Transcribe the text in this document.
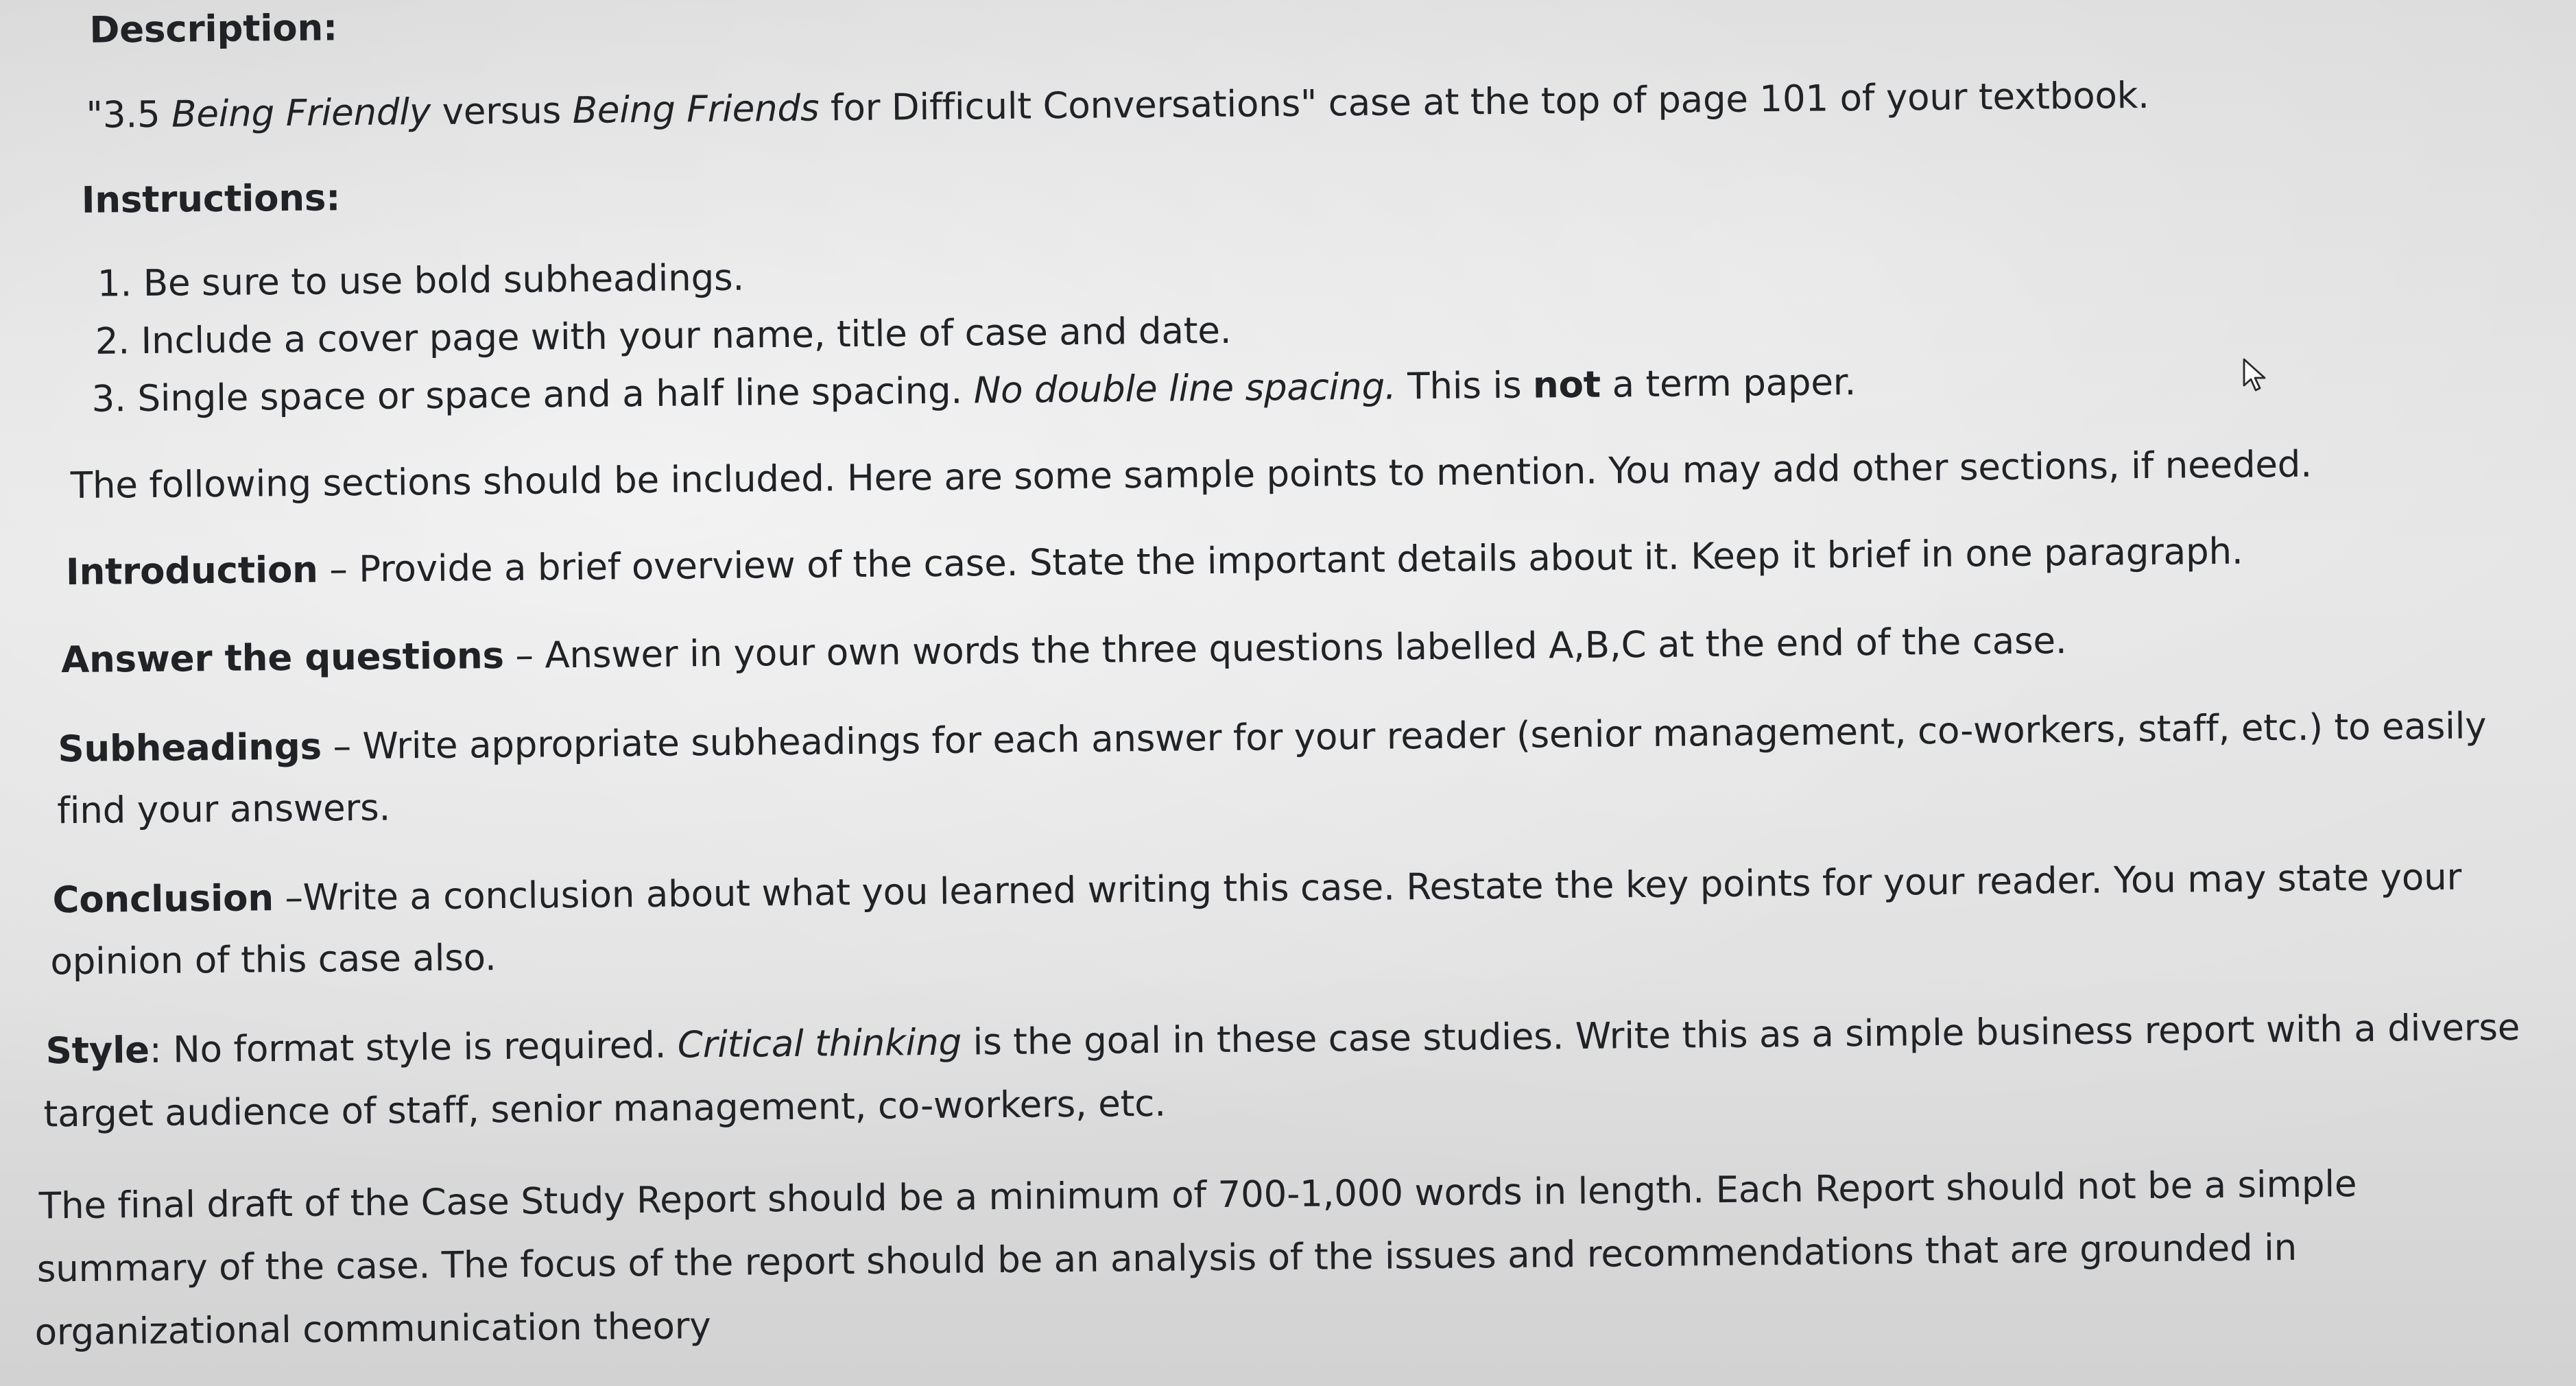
Description:
"3.5 Being Friendly versus Being Friends for Difficult Conversations" case at the top of page 101 of your textbook.
Instructions:
1. Be sure to use bold subheadings.
2. Include a cover page with your name, title of case and date.
3. Single space or space and a half line spacing. No double line spacing. This is not a term paper.
The following sections should be included. Here are some sample points to mention. You may add other sections, if needed.
Introduction – Provide a brief overview of the case. State the important details about it. Keep it brief in one paragraph.
Answer the questions – Answer in your own words the three questions labelled A,B,C at the end of the case.
Subheadings – Write appropriate subheadings for each answer for your reader (senior management, co-workers, staff, etc.) to easily
find your answers.
Conclusion –Write a conclusion about what you learned writing this case. Restate the key points for your reader. You may state your
opinion of this case also.
Style: No format style is required. Critical thinking is the goal in these case studies. Write this as a simple business report with a diverse
target audience of staff, senior management, co-workers, etc.
The final draft of the Case Study Report should be a minimum of 700-1,000 words in length. Each Report should not be a simple
summary of the case. The focus of the report should be an analysis of the issues and recommendations that are grounded in
organizational communication theory
